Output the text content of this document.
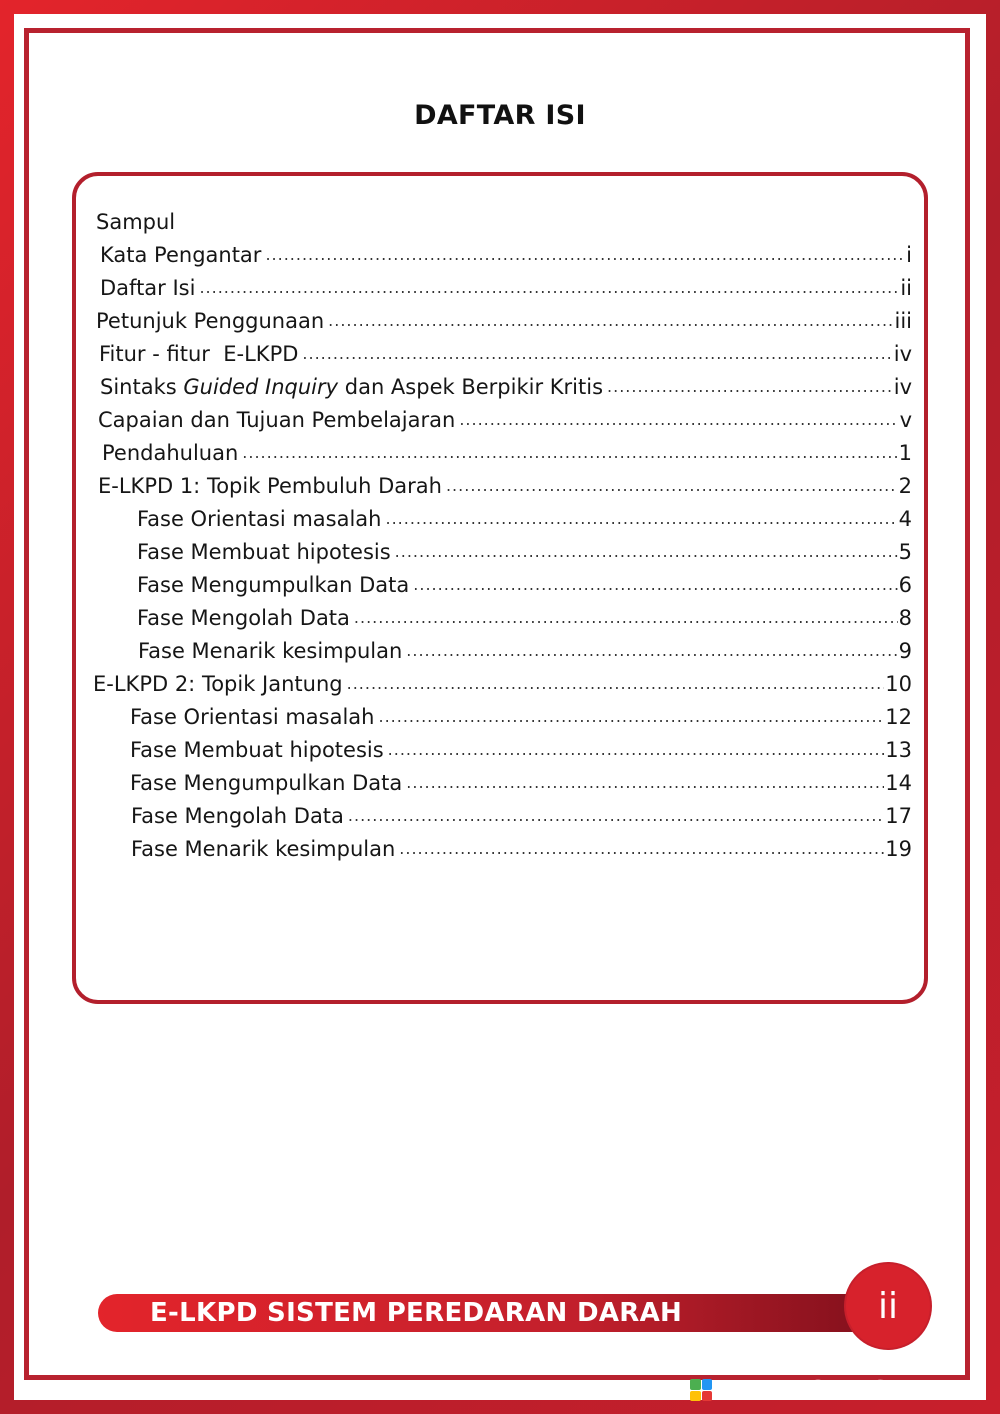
DAFTAR ISI
Sampul
Kata Pengantar .....	i
Daftar Isi .....	ii
Petunjuk Penggunaan .....	iii
Fitur - fitur  E-LKPD .....	iv
Sintaks Guided Inquiry dan Aspek Berpikir Kritis .....	iv
Capaian dan Tujuan Pembelajaran .....	v
Pendahuluan .....	1
E-LKPD 1: Topik Pembuluh Darah .....	2
Fase Orientasi masalah .....	4
Fase Membuat hipotesis .....	5
Fase Mengumpulkan Data .....	6
Fase Mengolah Data .....	8
Fase Menarik kesimpulan .....	9
E-LKPD 2: Topik Jantung .....	10
Fase Orientasi masalah .....	12
Fase Membuat hipotesis .....	13
Fase Mengumpulkan Data .....	14
Fase Mengolah Data .....	17
Fase Menarik kesimpulan .....	19
E-LKPD SISTEM PEREDARAN DARAH	ii
LIVEWORKSHEETS
